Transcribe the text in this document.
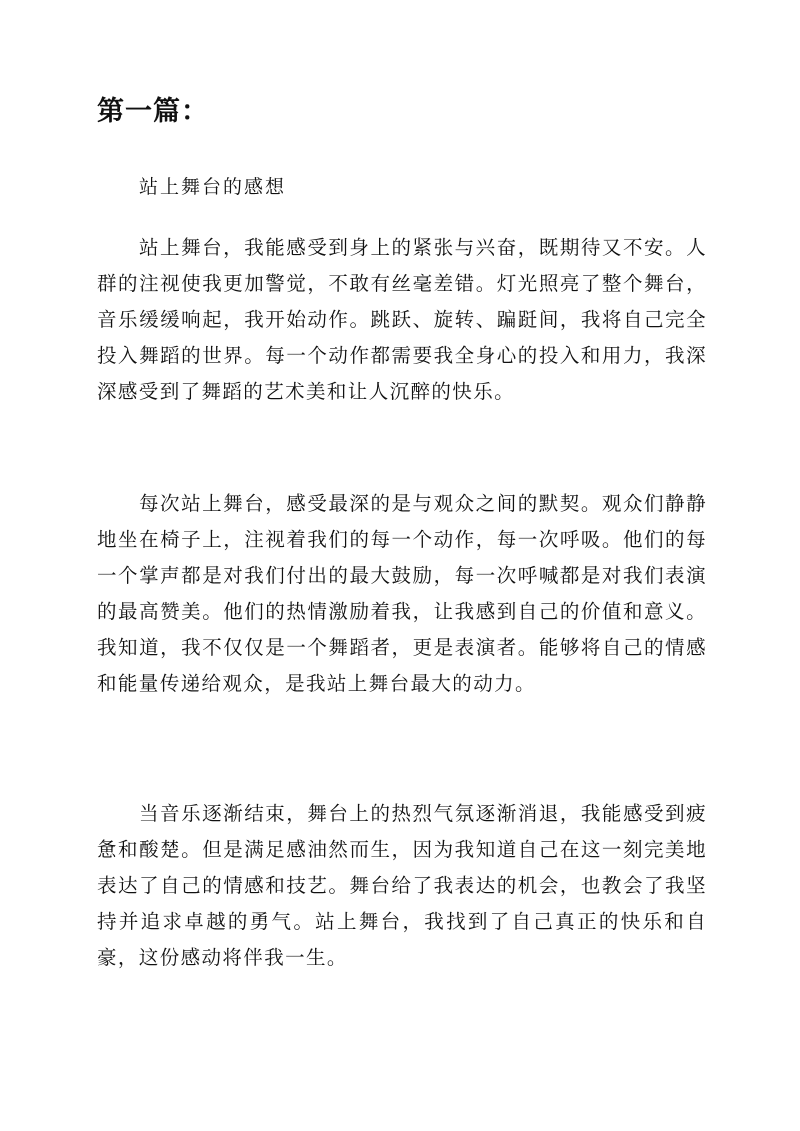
第一篇：

站上舞台的感想

站上舞台，我能感受到身上的紧张与兴奋，既期待又不安。人群的注视使我更加警觉，不敢有丝毫差错。灯光照亮了整个舞台，音乐缓缓响起，我开始动作。跳跃、旋转、蹁跹间，我将自己完全投入舞蹈的世界。每一个动作都需要我全身心的投入和用力，我深深感受到了舞蹈的艺术美和让人沉醉的快乐。

每次站上舞台，感受最深的是与观众之间的默契。观众们静静地坐在椅子上，注视着我们的每一个动作，每一次呼吸。他们的每一个掌声都是对我们付出的最大鼓励，每一次呼喊都是对我们表演的最高赞美。他们的热情激励着我，让我感到自己的价值和意义。我知道，我不仅仅是一个舞蹈者，更是表演者。能够将自己的情感和能量传递给观众，是我站上舞台最大的动力。

当音乐逐渐结束，舞台上的热烈气氛逐渐消退，我能感受到疲惫和酸楚。但是满足感油然而生，因为我知道自己在这一刻完美地表达了自己的情感和技艺。舞台给了我表达的机会，也教会了我坚持并追求卓越的勇气。站上舞台，我找到了自己真正的快乐和自豪，这份感动将伴我一生。
